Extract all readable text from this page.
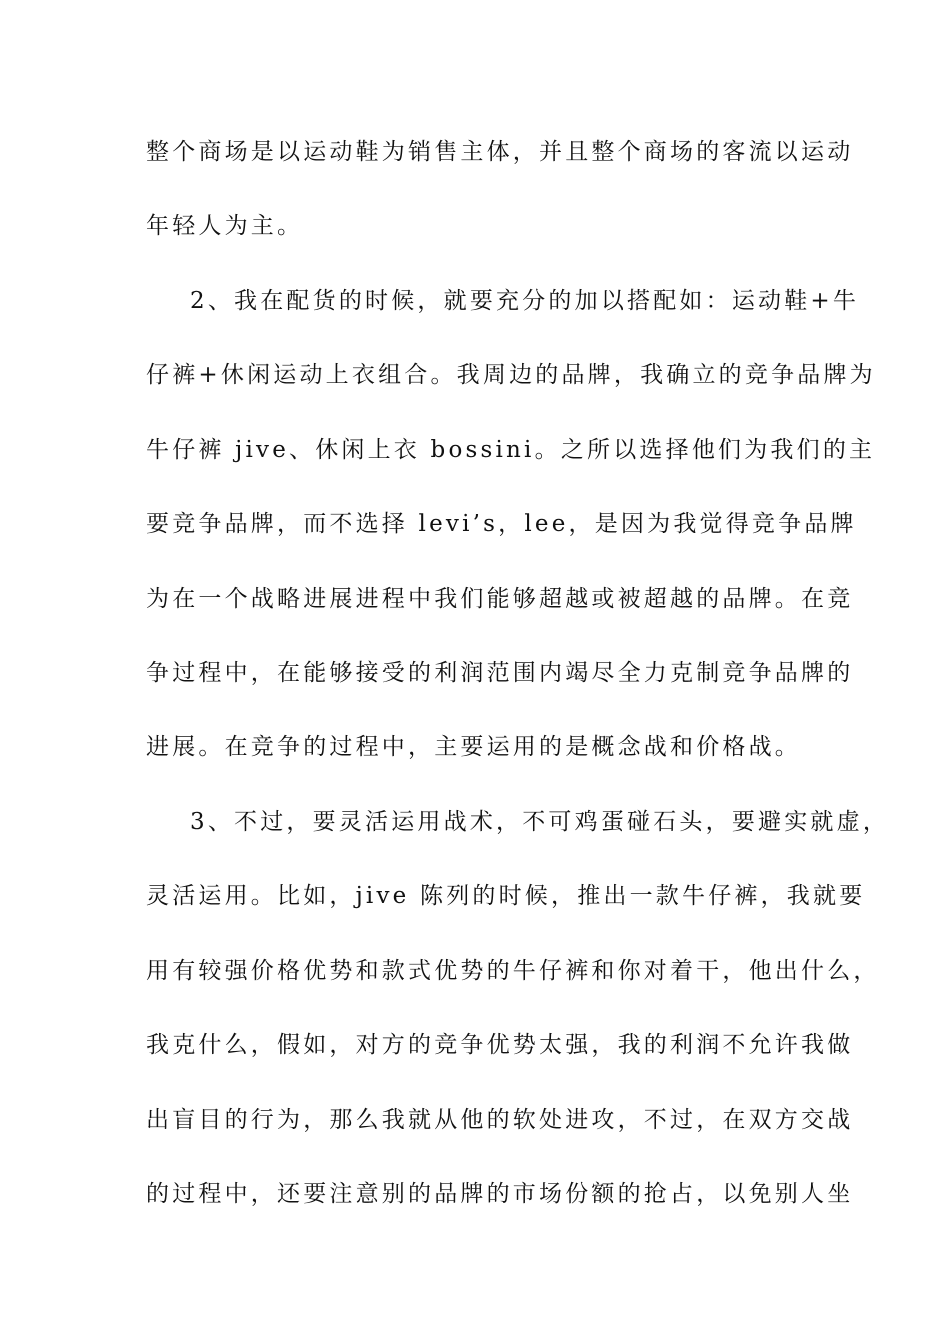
整个商场是以运动鞋为销售主体，并且整个商场的客流以运动
年轻人为主。
2、我在配货的时候，就要充分的加以搭配如：运动鞋+牛
仔裤+休闲运动上衣组合。我周边的品牌，我确立的竞争品牌为
牛仔裤 jive、休闲上衣 bossini。之所以选择他们为我们的主
要竞争品牌，而不选择 levi’s，lee，是因为我觉得竞争品牌
为在一个战略进展进程中我们能够超越或被超越的品牌。在竞
争过程中，在能够接受的利润范围内竭尽全力克制竞争品牌的
进展。在竞争的过程中，主要运用的是概念战和价格战。
3、不过，要灵活运用战术，不可鸡蛋碰石头，要避实就虚，
灵活运用。比如，jive 陈列的时候，推出一款牛仔裤，我就要
用有较强价格优势和款式优势的牛仔裤和你对着干，他出什么，
我克什么，假如，对方的竞争优势太强，我的利润不允许我做
出盲目的行为，那么我就从他的软处进攻，不过，在双方交战
的过程中，还要注意别的品牌的市场份额的抢占，以免别人坐
